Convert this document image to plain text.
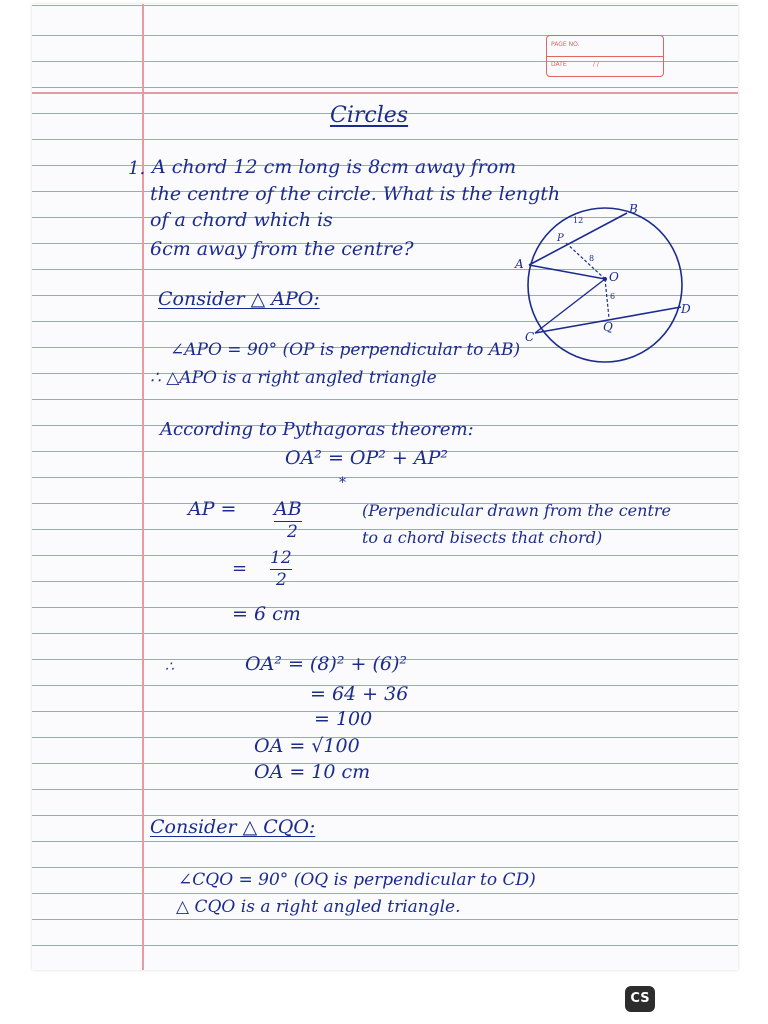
PAGE NO.
DATE	/ /
Circles
1. A chord 12 cm long is 8cm away from
the centre of the circle. What is the length
of a chord which is
6cm away from the centre?
A
B
C
D
O
P
Q
12
8
6
Consider △ APO:
∠APO = 90° (OP is perpendicular to AB)
∴ △APO is a right angled triangle
According to Pythagoras theorem:
OA² = OP² + AP²
*
AP = AB
2
(Perpendicular drawn from the centre
to a chord bisects that chord)
= 12
2
= 6 cm
∴	OA² = (8)² + (6)²
= 64 + 36
= 100
OA = √100
OA = 10 cm
Consider △ CQO:
∠CQO = 90° (OQ is perpendicular to CD)
△ CQO is a right angled triangle.
CS
